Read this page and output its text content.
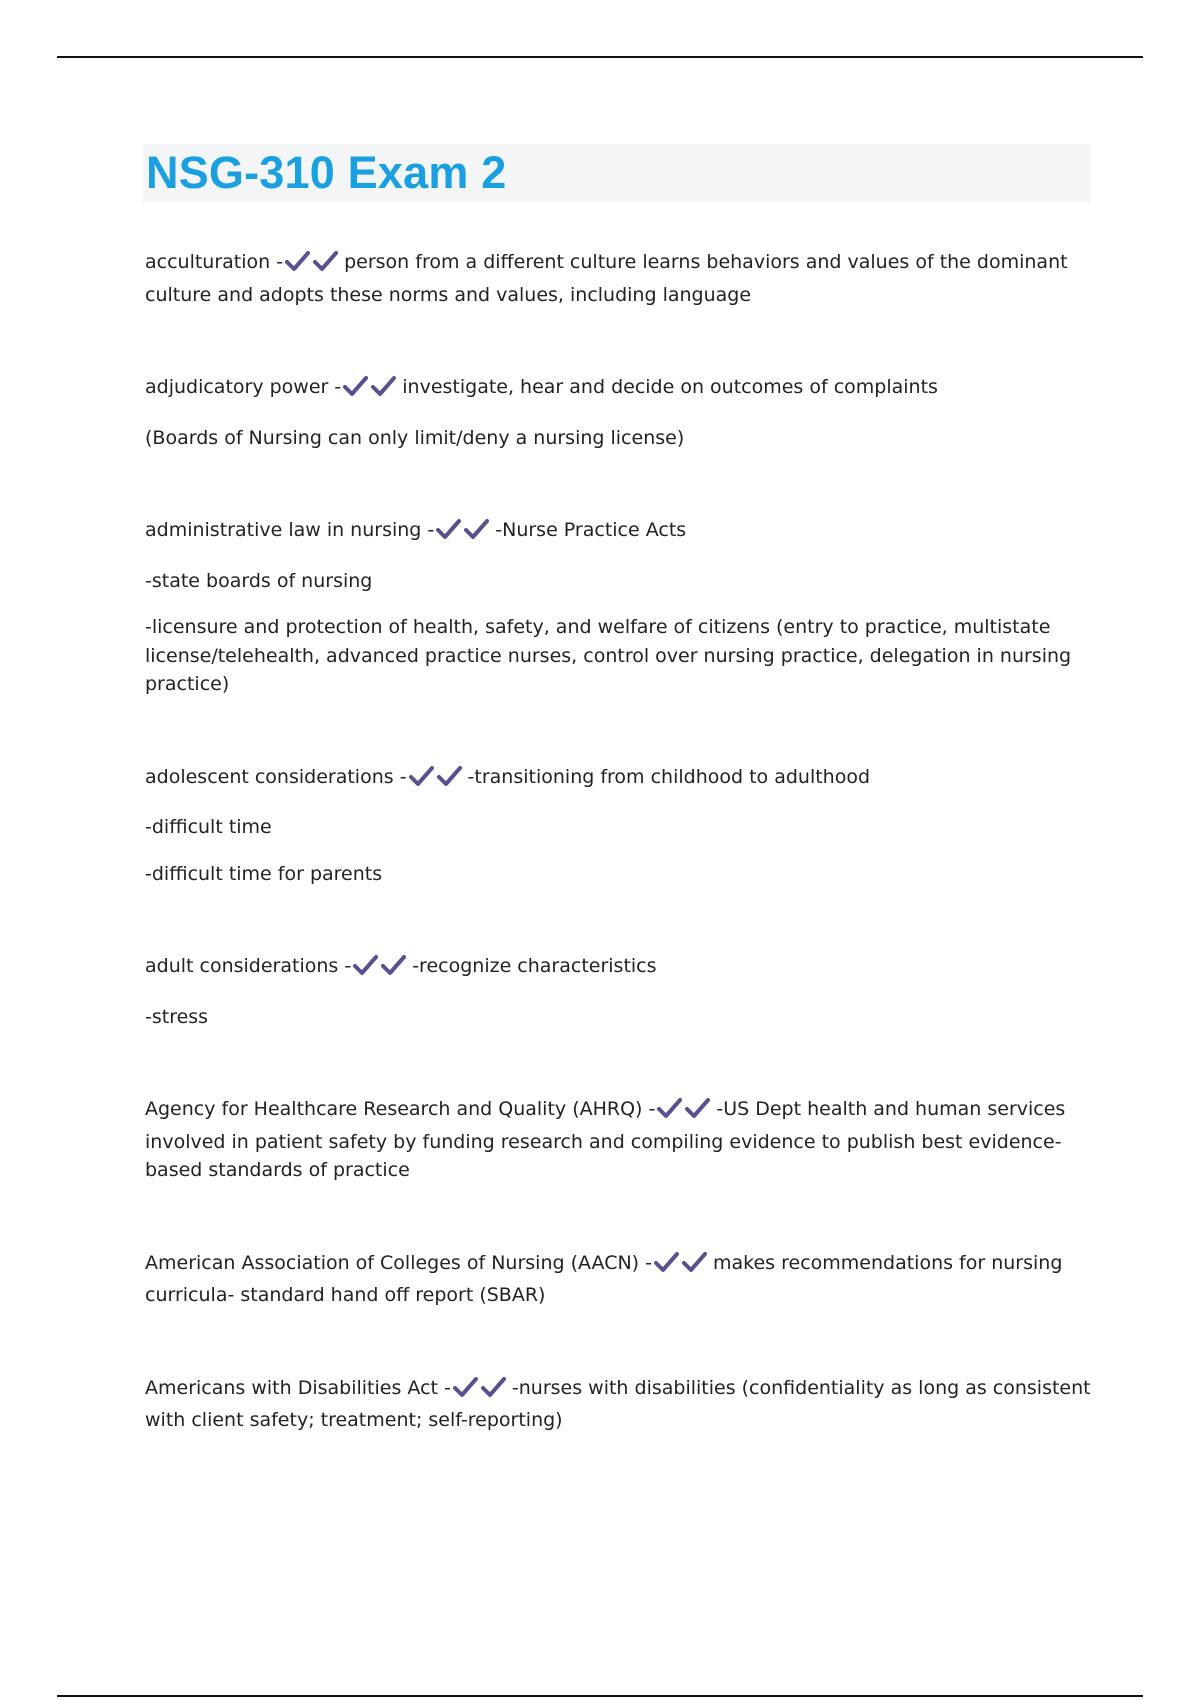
NSG-310 Exam 2
acculturation -	person from a different culture learns behaviors and values of the dominant culture and adopts these norms and values, including language
adjudicatory power -	investigate, hear and decide on outcomes of complaints
(Boards of Nursing can only limit/deny a nursing license)
administrative law in nursing -	-Nurse Practice Acts
-state boards of nursing
-licensure and protection of health, safety, and welfare of citizens (entry to practice, multistate license/telehealth, advanced practice nurses, control over nursing practice, delegation in nursing practice)
adolescent considerations -	-transitioning from childhood to adulthood
-difficult time
-difficult time for parents
adult considerations -	-recognize characteristics
-stress
Agency for Healthcare Research and Quality (AHRQ) -	-US Dept health and human services involved in patient safety by funding research and compiling evidence to publish best evidence-based standards of practice
American Association of Colleges of Nursing (AACN) -	makes recommendations for nursing curricula- standard hand off report (SBAR)
Americans with Disabilities Act -	-nurses with disabilities (confidentiality as long as consistent with client safety; treatment; self-reporting)
